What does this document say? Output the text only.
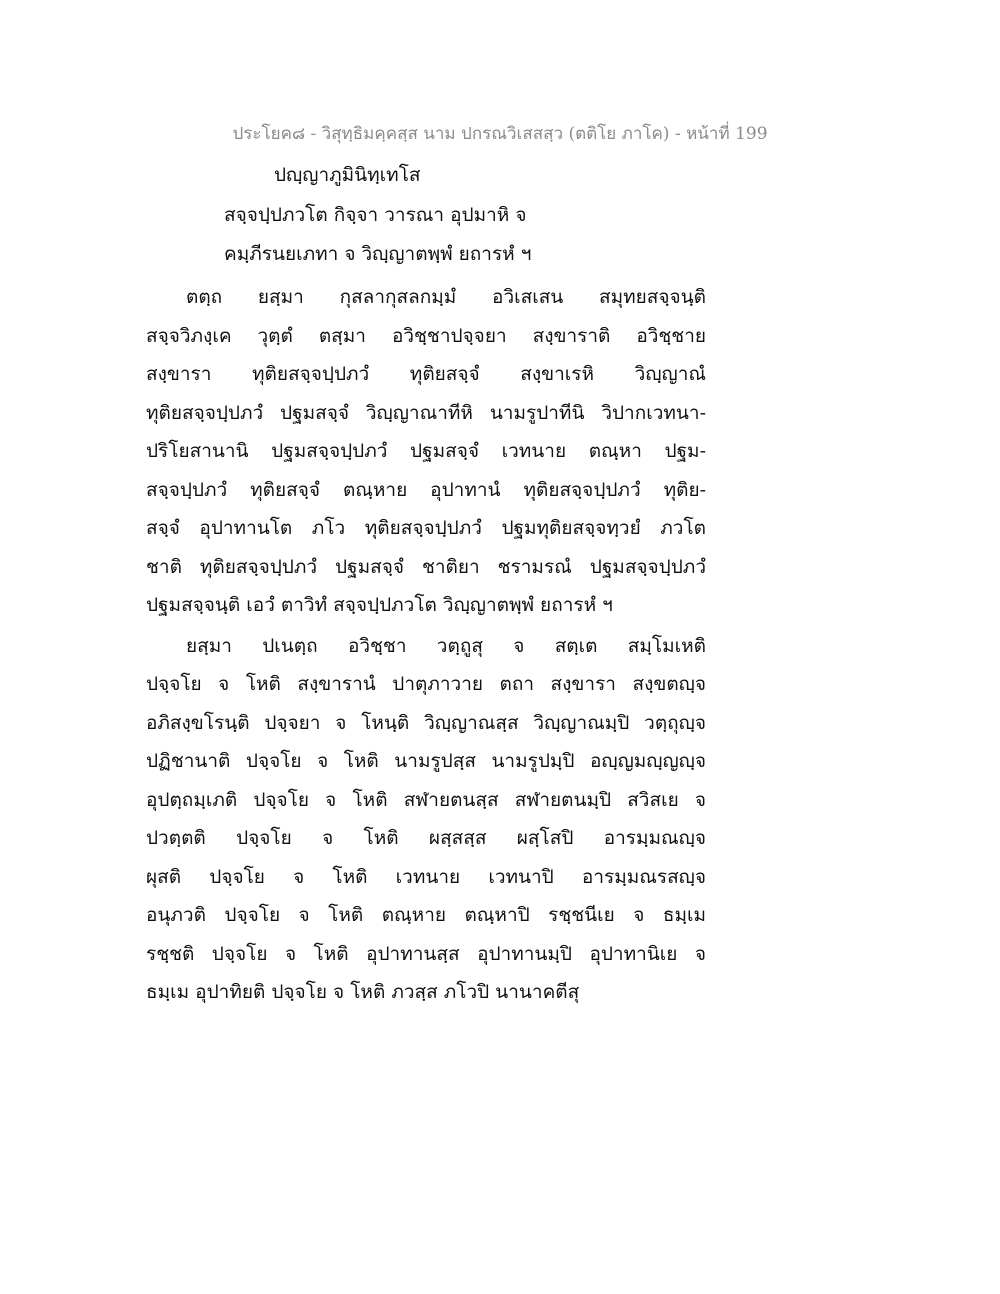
ประโยค๘ - วิสุทฺธิมคฺคสฺส นาม ปกรณวิเสสสฺว (ตติโย ภาโค) - หน้าที่ 199
ปญฺญาภูมินิทฺเทโส
สจฺจปฺปภวโต กิจฺจา วารณา อุปมาหิ จ
คมฺภีรนยเภทา จ วิญฺญาตพฺพํ ยถารหํ ฯ
ตตฺถ ยสฺมา กุสลากุสลกมฺมํ อวิเสเสน สมุทยสจฺจนฺติ
สจฺจวิภงฺเค วุตฺตํ ตสฺมา อวิชฺชาปจฺจยา สงฺขาราติ อวิชฺชาย
สงฺขารา ทุติยสจฺจปฺปภวํ ทุติยสจฺจํ สงฺขาเรหิ วิญฺญาณํ
ทุติยสจฺจปฺปภวํ ปฐมสจฺจํ วิญฺญาณาทีหิ นามรูปาทีนิ วิปากเวทนา-
ปริโยสานานิ ปฐมสจฺจปฺปภวํ ปฐมสจฺจํ เวทนาย ตณฺหา ปฐม-
สจฺจปฺปภวํ ทุติยสจฺจํ ตณฺหาย อุปาทานํ ทุติยสจฺจปฺปภวํ ทุติย-
สจฺจํ อุปาทานโต ภโว ทุติยสจฺจปฺปภวํ ปฐมทุติยสจฺจทฺวยํ ภวโต
ชาติ ทุติยสจฺจปฺปภวํ ปฐมสจฺจํ ชาติยา ชรามรณํ ปฐมสจฺจปฺปภวํ
ปฐมสจฺจนฺติ เอวํ ตาวิทํ สจฺจปฺปภวโต วิญฺญาตพฺพํ ยถารหํ ฯ
ยสฺมา ปเนตฺถ อวิชฺชา วตฺถูสุ จ สตฺเต สมฺโมเหติ
ปจฺจโย จ โหติ สงฺขารานํ ปาตุภาวาย ตถา สงฺขารา สงฺขตญฺจ
อภิสงฺขโรนฺติ ปจฺจยา จ โหนฺติ วิญฺญาณสฺส วิญฺญาณมฺปิ วตฺถุญฺจ
ปฏิชานาติ ปจฺจโย จ โหติ นามรูปสฺส นามรูปมฺปิ อญฺญมญฺญญฺจ
อุปตฺถมฺเภติ ปจฺจโย จ โหติ สฬายตนสฺส สฬายตนมฺปิ สวิสเย จ
ปวตฺตติ ปจฺจโย จ โหติ ผสฺสสฺส ผสฺโสปิ อารมฺมณญฺจ
ผุสติ ปจฺจโย จ โหติ เวทนาย เวทนาปิ อารมฺมณรสญฺจ
อนุภวติ ปจฺจโย จ โหติ ตณฺหาย ตณฺหาปิ รชฺชนีเย จ ธมฺเม
รชฺชติ ปจฺจโย จ โหติ อุปาทานสฺส อุปาทานมฺปิ อุปาทานิเย จ
ธมฺเม อุปาทิยติ ปจฺจโย จ โหติ ภวสฺส ภโวปิ นานาคตีสุ
